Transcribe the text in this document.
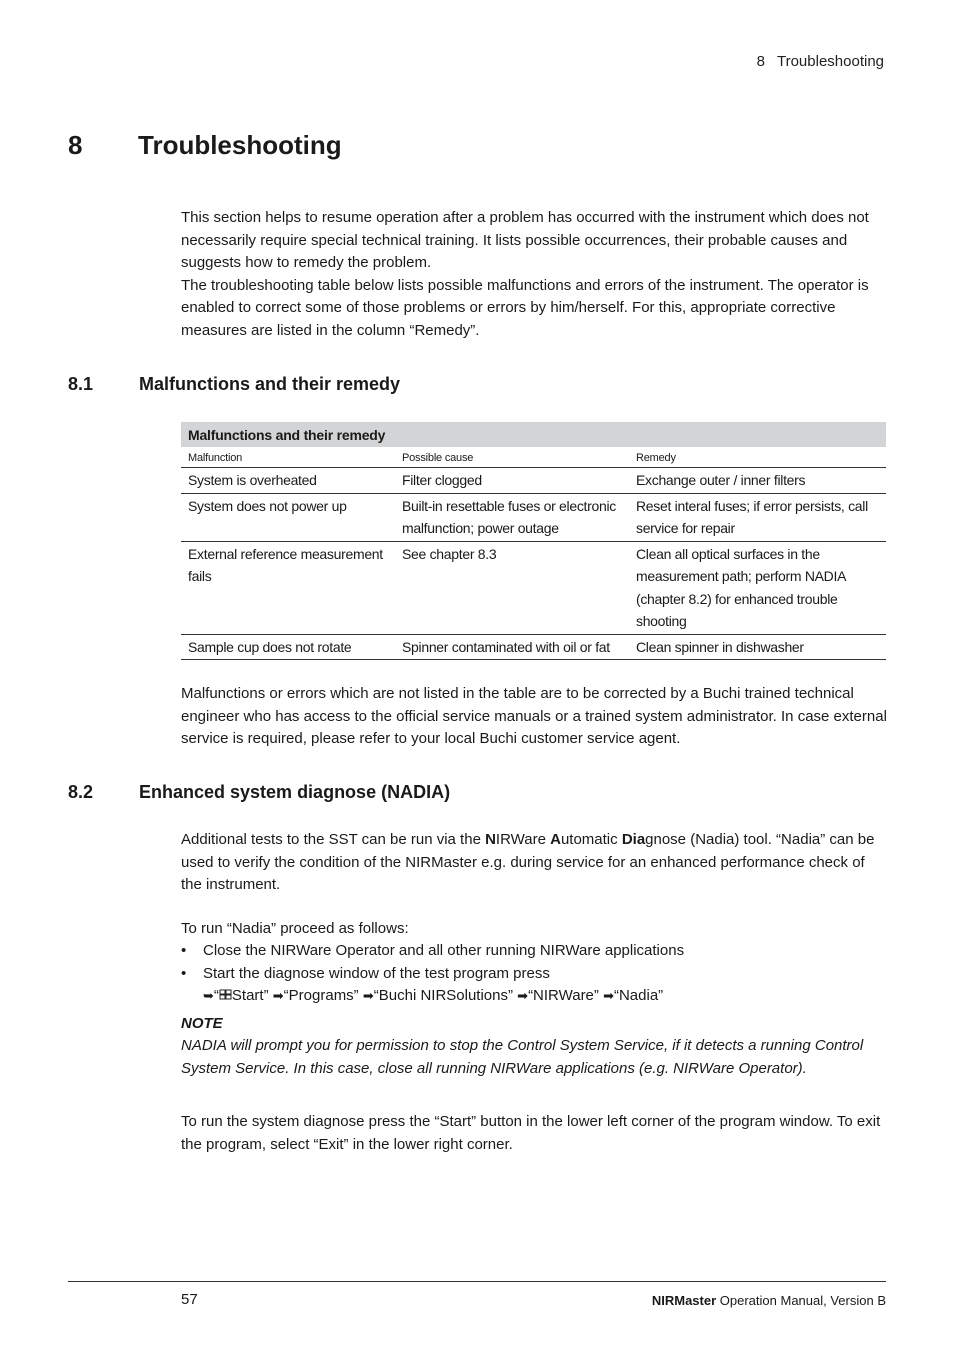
8 Troubleshooting
8 Troubleshooting

This section helps to resume operation after a problem has occurred with the instrument which does not necessarily require special technical training. It lists possible occurrences, their probable causes and suggests how to remedy the problem.

The troubleshooting table below lists possible malfunctions and errors of the instrument. The operator is enabled to correct some of those problems or errors by him/herself. For this, appropriate corrective measures are listed in the column “Remedy”.

8.1	Malfunctions and their remedy
Malfunctions and their remedy		
Malfunction	Possible cause	Remedy
System is overheated	Filter clogged	Exchange outer / inner filters
System does not power up	Built-in resettable fuses or electronic malfunction; power outage	Reset interal fuses; if error persists, call service for repair
External reference measurement fails	See chapter 8.3	Clean all optical surfaces in the measurement path; perform NADIA (chapter 8.2) for enhanced trouble shooting
Sample cup does not rotate	Spinner contaminated with oil or fat	Clean spinner in dishwasher

Malfunctions or errors which are not listed in the table are to be corrected by a Buchi trained technical engineer who has access to the official service manuals or a trained system administrator. In case external service is required, please refer to your local Buchi customer service agent.

8.2	Enhanced system diagnose (NADIA)

Additional tests to the SST can be run via the NIRWare Automatic Diagnose (Nadia) tool. “Nadia” can be used to verify the condition of the NIRMaster e.g. during service for an enhanced performance check of the instrument.

To run “Nadia” proceed as follows:

• Close the NIRWare Operator and all other running NIRWare applications
• Start the diagnose window of the test program press
➥“ Start” ➡“Programs” ➡“Buchi NIRSolutions” ➡“NIRWare” ➡“Nadia”

NOTE

NADIA will prompt you for permission to stop the Control System Service, if it detects a running Control System Service. In this case, close all running NIRWare applications (e.g. NIRWare Operator).

To run the system diagnose press the “Start” button in the lower left corner of the program window. To exit the program, select “Exit” in the lower right corner.

57	NIRMaster Operation Manual, Version B
